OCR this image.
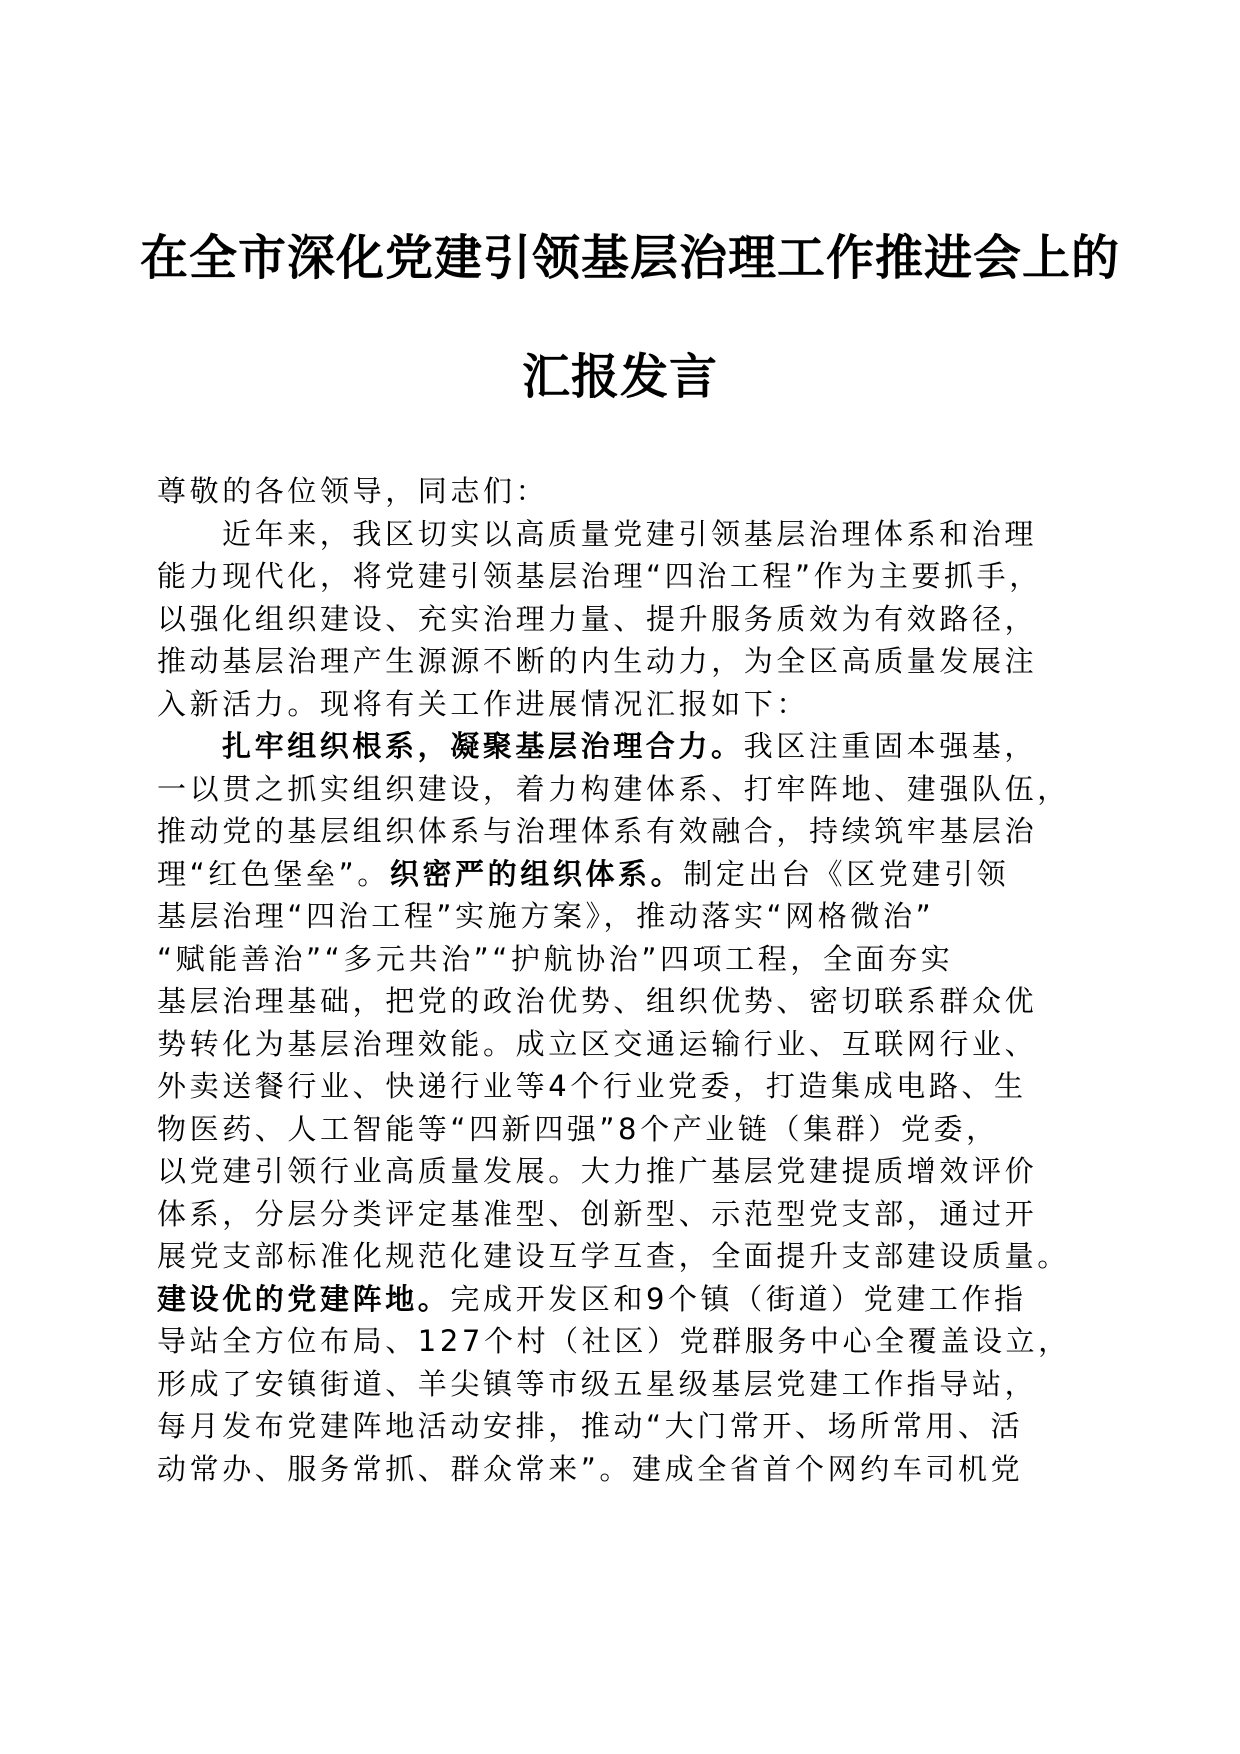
在全市深化党建引领基层治理工作推进会上的
汇报发言
尊敬的各位领导，同志们：
近年来，我区切实以高质量党建引领基层治理体系和治理
能力现代化，将党建引领基层治理“四治工程”作为主要抓手，
以强化组织建设、充实治理力量、提升服务质效为有效路径，
推动基层治理产生源源不断的内生动力，为全区高质量发展注
入新活力。现将有关工作进展情况汇报如下：
扎牢组织根系，凝聚基层治理合力。我区注重固本强基，
一以贯之抓实组织建设，着力构建体系、打牢阵地、建强队伍，
推动党的基层组织体系与治理体系有效融合，持续筑牢基层治
理“红色堡垒”。织密严的组织体系。制定出台《区党建引领
基层治理“四治工程”实施方案》，推动落实“网格微治”
“赋能善治”“多元共治”“护航协治”四项工程，全面夯实
基层治理基础，把党的政治优势、组织优势、密切联系群众优
势转化为基层治理效能。成立区交通运输行业、互联网行业、
外卖送餐行业、快递行业等4个行业党委，打造集成电路、生
物医药、人工智能等“四新四强”8个产业链（集群）党委，
以党建引领行业高质量发展。大力推广基层党建提质增效评价
体系，分层分类评定基准型、创新型、示范型党支部，通过开
展党支部标准化规范化建设互学互查，全面提升支部建设质量。
建设优的党建阵地。完成开发区和9个镇（街道）党建工作指
导站全方位布局、127个村（社区）党群服务中心全覆盖设立，
形成了安镇街道、羊尖镇等市级五星级基层党建工作指导站，
每月发布党建阵地活动安排，推动“大门常开、场所常用、活
动常办、服务常抓、群众常来”。建成全省首个网约车司机党
